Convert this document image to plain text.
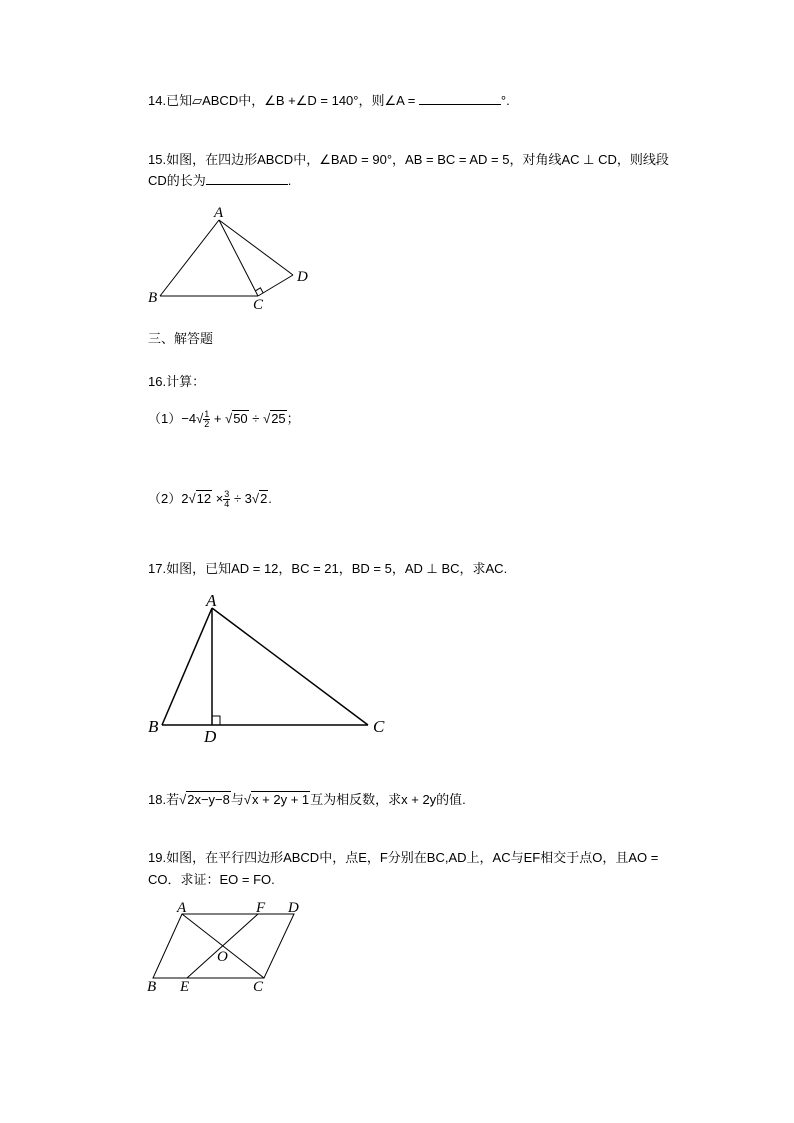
14.已知▱ABCD中，∠B +∠D = 140°，则∠A =	°.
15.如图，在四边形ABCD中，∠BAD = 90°，AB = BC = AD = 5，对角线AC ⊥ CD，则线段
CD的长为	.
A
B	C
D
三、解答题
16.计算：
$(1)-4√ \frac{1}{2} + √50 \div √25$；
$(2)2√12 \times \frac{3}{4} \div 3√2$.
17.如图，已知AD = 12，BC = 21，BD = 5，AD ⊥ BC，求AC.
A
B	C
D
18.若√2x−y−8与√x + 2y + 1互为相反数，求x + 2y的值.
19.如图，在平行四边形ABCD中，点E，F分别在BC,AD上，AC与EF相交于点O，且AO =
CO．求证：EO = FO.
A	F D
O
B E	C
